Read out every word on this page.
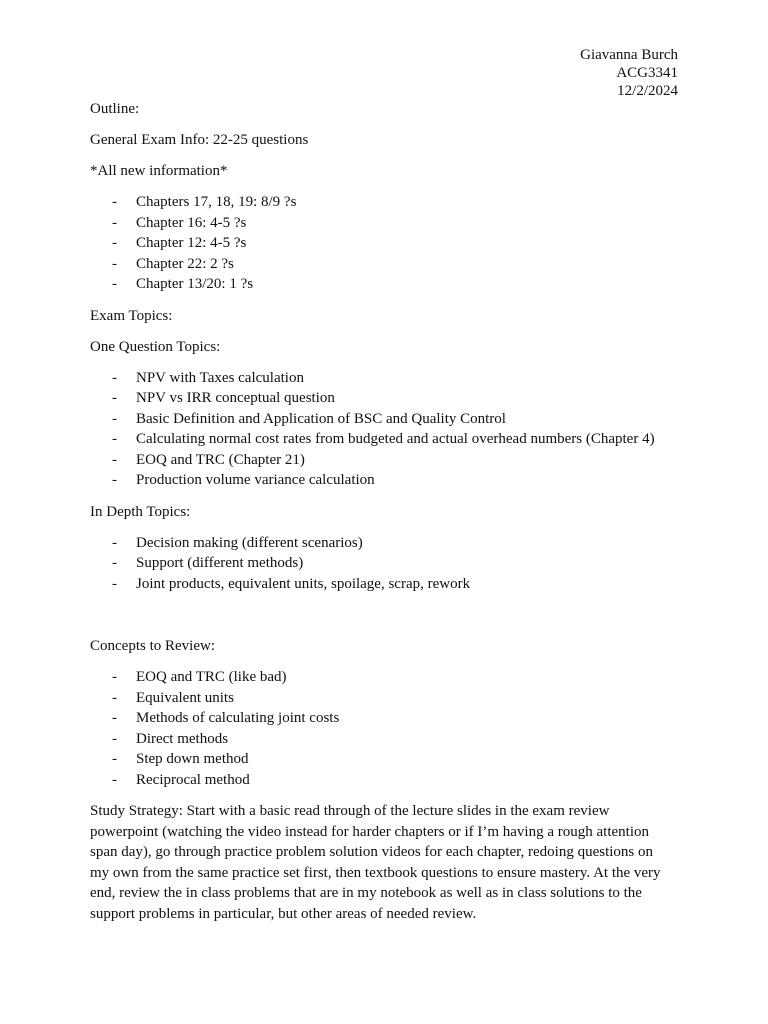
Giavanna Burch
ACG3341
12/2/2024

Outline:

General Exam Info: 22-25 questions

*All new information*

- Chapters 17, 18, 19: 8/9 ?s
- Chapter 16: 4-5 ?s
- Chapter 12: 4-5 ?s
- Chapter 22: 2 ?s
- Chapter 13/20: 1 ?s

Exam Topics:

One Question Topics:

- NPV with Taxes calculation
- NPV vs IRR conceptual question
- Basic Definition and Application of BSC and Quality Control
- Calculating normal cost rates from budgeted and actual overhead numbers (Chapter 4)
- EOQ and TRC (Chapter 21)
- Production volume variance calculation

In Depth Topics:

- Decision making (different scenarios)
- Support (different methods)
- Joint products, equivalent units, spoilage, scrap, rework

Concepts to Review:

- EOQ and TRC (like bad)
- Equivalent units
- Methods of calculating joint costs
- Direct methods
- Step down method
- Reciprocal method

Study Strategy: Start with a basic read through of the lecture slides in the exam review powerpoint (watching the video instead for harder chapters or if I’m having a rough attention span day), go through practice problem solution videos for each chapter, redoing questions on my own from the same practice set first, then textbook questions to ensure mastery. At the very end, review the in class problems that are in my notebook as well as in class solutions to the support problems in particular, but other areas of needed review.
